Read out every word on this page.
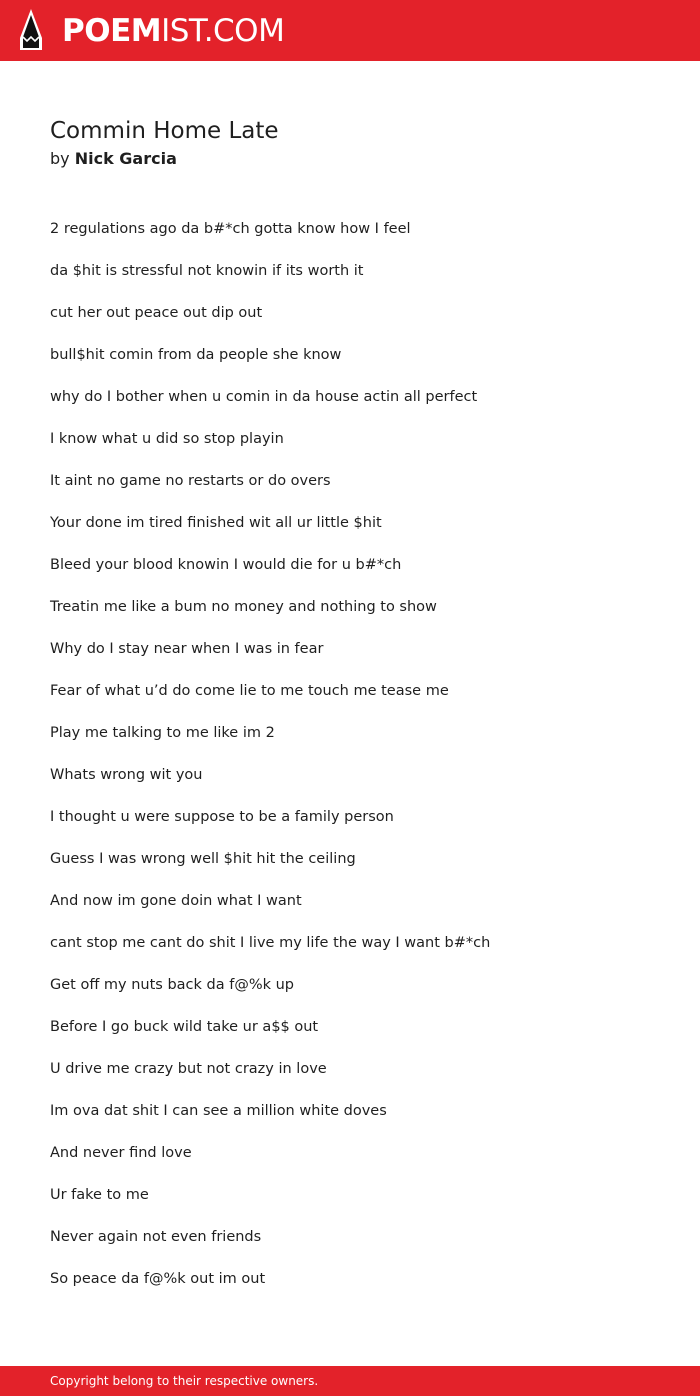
POEMIST.COM
Commin Home Late
by Nick Garcia
2 regulations ago da b#*ch gotta know how I feel
da $hit is stressful not knowin if its worth it
cut her out peace out dip out
bull$hit comin from da people she know
why do I bother when u comin in da house actin all perfect
I know what u did so stop playin
It aint no game no restarts or do overs
Your done im tired finished wit all ur little $hit
Bleed your blood knowin I would die for u b#*ch
Treatin me like a bum no money and nothing to show
Why do I stay near when I was in fear
Fear of what u’d do come lie to me touch me tease me
Play me talking to me like im 2
Whats wrong wit you
I thought u were suppose to be a family person
Guess I was wrong well $hit hit the ceiling
And now im gone doin what I want
cant stop me cant do shit I live my life the way I want b#*ch
Get off my nuts back da f@%k up
Before I go buck wild take ur a$$ out
U drive me crazy but not crazy in love
Im ova dat shit I can see a million white doves
And never find love
Ur fake to me
Never again not even friends
So peace da f@%k out im out
Copyright belong to their respective owners.
